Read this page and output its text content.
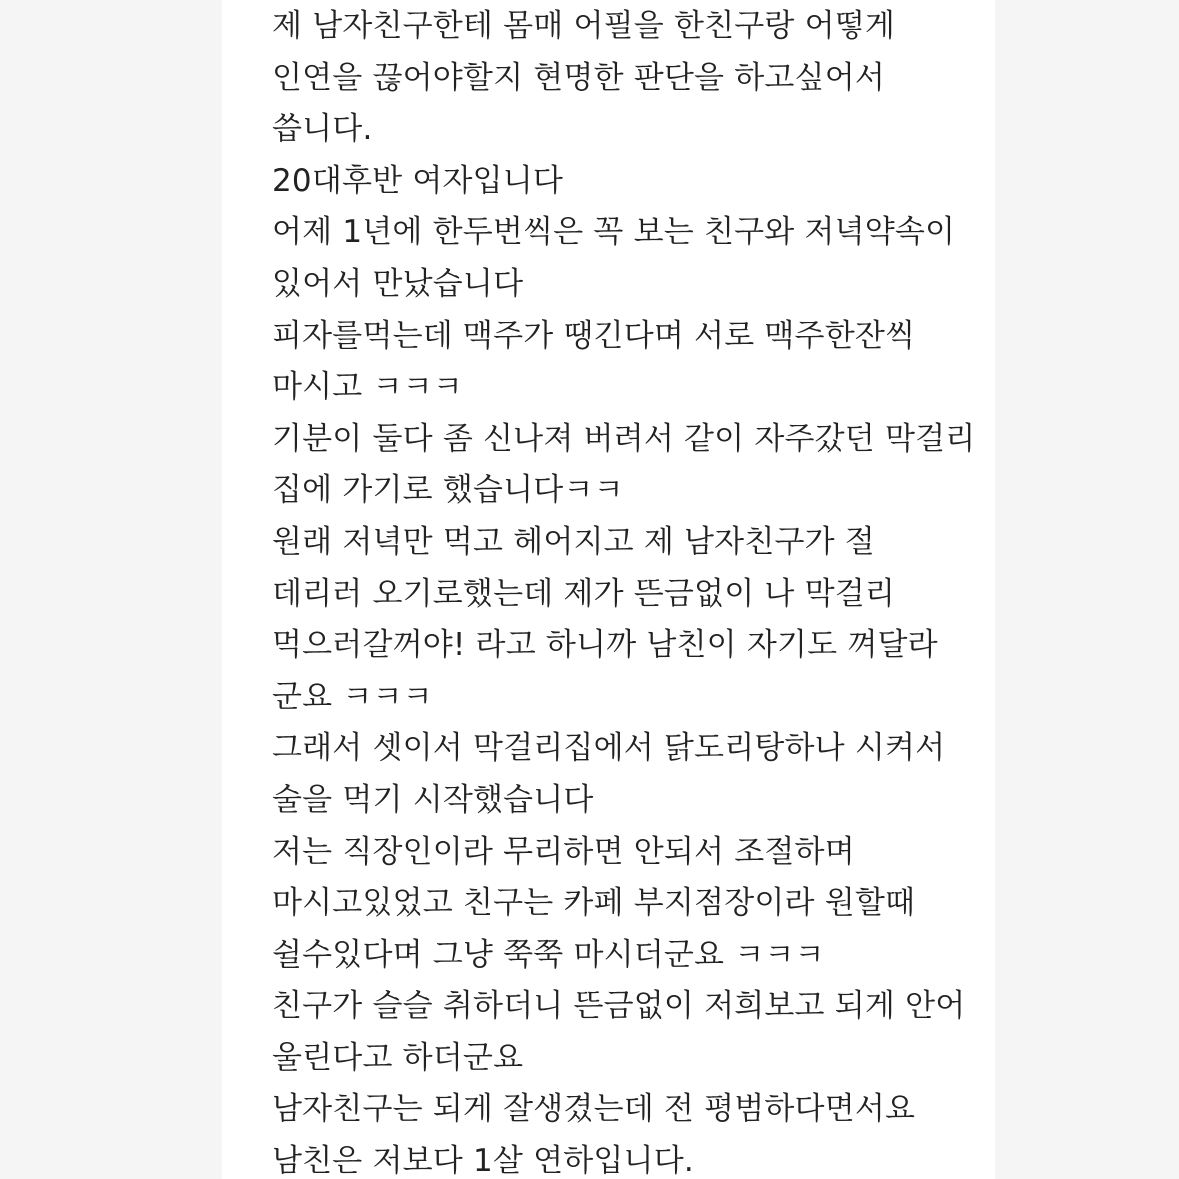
제 남자친구한테 몸매 어필을 한친구랑 어떻게
인연을 끊어야할지 현명한 판단을 하고싶어서
씁니다.
20대후반 여자입니다
어제 1년에 한두번씩은 꼭 보는 친구와 저녁약속이
있어서 만났습니다
피자를먹는데 맥주가 땡긴다며 서로 맥주한잔씩
마시고 ㅋㅋㅋ
기분이 둘다 좀 신나져 버려서 같이 자주갔던 막걸리
집에 가기로 했습니다ㅋㅋ
원래 저녁만 먹고 헤어지고 제 남자친구가 절
데리러 오기로했는데 제가 뜬금없이 나 막걸리
먹으러갈꺼야! 라고 하니까 남친이 자기도 껴달라
군요 ㅋㅋㅋ
그래서 셋이서 막걸리집에서 닭도리탕하나 시켜서
술을 먹기 시작했습니다
저는 직장인이라 무리하면 안되서 조절하며
마시고있었고 친구는 카페 부지점장이라 원할때
쉴수있다며 그냥 쭉쭉 마시더군요 ㅋㅋㅋ
친구가 슬슬 취하더니 뜬금없이 저희보고 되게 안어
울린다고 하더군요
남자친구는 되게 잘생겼는데 전 평범하다면서요
남친은 저보다 1살 연하입니다.
